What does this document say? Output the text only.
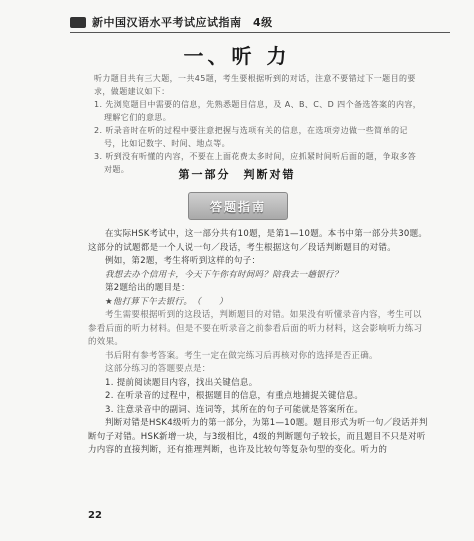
新中国汉语水平考试应试指南　4级
一、听 力

听力题目共有三大题，一共45题，考生要根据听到的对话，注意不要错过下一题目的要求，做题建议如下：

1. 先浏览题目中需要的信息，先熟悉题目信息，及 A、B、C、D 四个备选答案的内容，理解它们的意思。
2. 听录音时在听的过程中要注意把握与选项有关的信息，在选项旁边做一些简单的记号，比如记数字、时间、地点等。
3. 听到没有听懂的内容，不要在上面花费太多时间，应抓紧时间听后面的题，争取多答对题。	第一部分　判断对错
答题指南

在实际HSK考试中，这一部分共有10题，是第1—10题。本书中第一部分共30题。这部分的试题都是一个人说一句／段话，考生根据这句／段话判断题目的对错。

例如，第2题，考生将听到这样的句子：

我想去办个信用卡，今天下午你有时间吗？陪我去一趟银行？

第2题给出的题目是：

★他打算下午去银行。　（　　）

考生需要根据听到的这段话，判断题目的对错。如果没有听懂录音内容，考生可以参看后面的听力材料。但是不要在听录音之前参看后面的听力材料，这会影响听力练习的效果。

书后附有参考答案。考生一定在做完练习后再核对你的选择是否正确。

这部分练习的答题要点是：

1. 提前阅读题目内容，找出关键信息。

2. 在听录音的过程中，根据题目的信息，有重点地捕捉关键信息。

3. 注意录音中的副词、连词等，其所在的句子可能就是答案所在。

判断对错是HSK4级听力的第一部分，为第1—10题。题目形式为听一句／段话并判断句子对错。HSK新增一块，与3级相比，4级的判断题句子较长，而且题目不只是对听力内容的直接判断，还有推理判断，也许及比较句等复杂句型的变化。听力的

22
